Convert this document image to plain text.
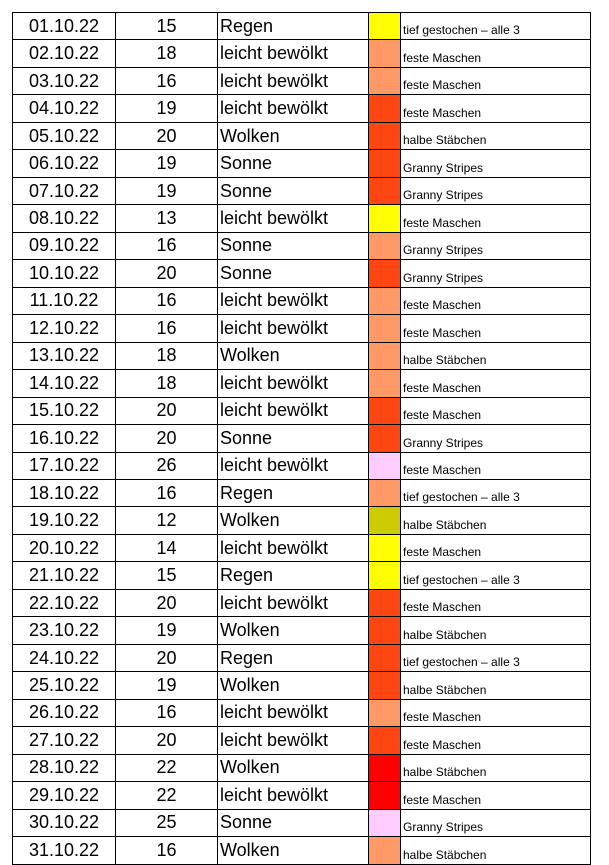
01.10.22	15	Regen		tief gestochen – alle 3
02.10.22	18	leicht bewölkt		feste Maschen
03.10.22	16	leicht bewölkt		feste Maschen
04.10.22	19	leicht bewölkt		feste Maschen
05.10.22	20	Wolken		halbe Stäbchen
06.10.22	19	Sonne		Granny Stripes
07.10.22	19	Sonne		Granny Stripes
08.10.22	13	leicht bewölkt		feste Maschen
09.10.22	16	Sonne		Granny Stripes
10.10.22	20	Sonne		Granny Stripes
11.10.22	16	leicht bewölkt		feste Maschen
12.10.22	16	leicht bewölkt		feste Maschen
13.10.22	18	Wolken		halbe Stäbchen
14.10.22	18	leicht bewölkt		feste Maschen
15.10.22	20	leicht bewölkt		feste Maschen
16.10.22	20	Sonne		Granny Stripes
17.10.22	26	leicht bewölkt		feste Maschen
18.10.22	16	Regen		tief gestochen – alle 3
19.10.22	12	Wolken		halbe Stäbchen
20.10.22	14	leicht bewölkt		feste Maschen
21.10.22	15	Regen		tief gestochen – alle 3
22.10.22	20	leicht bewölkt		feste Maschen
23.10.22	19	Wolken		halbe Stäbchen
24.10.22	20	Regen		tief gestochen – alle 3
25.10.22	19	Wolken		halbe Stäbchen
26.10.22	16	leicht bewölkt		feste Maschen
27.10.22	20	leicht bewölkt		feste Maschen
28.10.22	22	Wolken		halbe Stäbchen
29.10.22	22	leicht bewölkt		feste Maschen
30.10.22	25	Sonne		Granny Stripes
31.10.22	16	Wolken		halbe Stäbchen
